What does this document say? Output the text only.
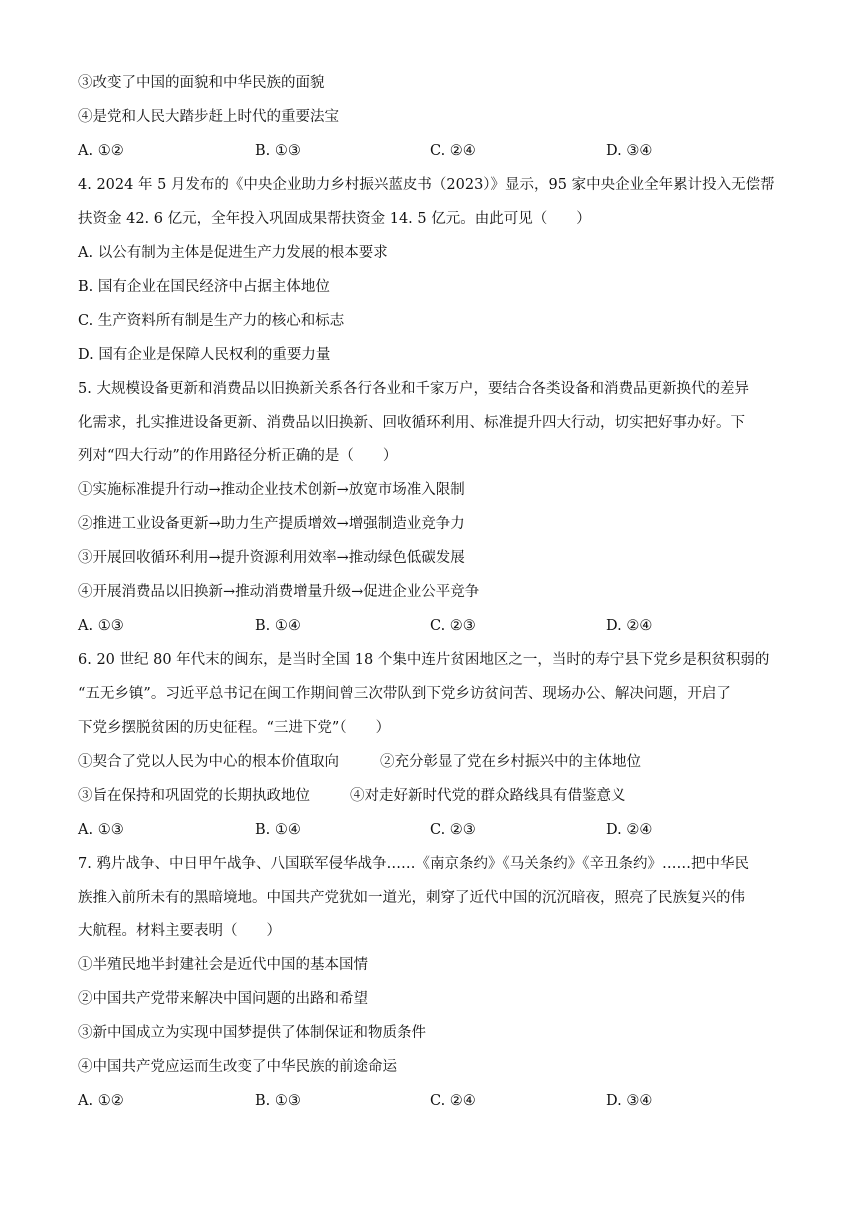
③改变了中国的面貌和中华民族的面貌
④是党和人民大踏步赶上时代的重要法宝
A. ①②	B. ①③	C. ②④	D. ③④
4. 2024 年 5 月发布的《中央企业助力乡村振兴蓝皮书（2023）》显示，95 家中央企业全年累计投入无偿帮
扶资金 42. 6 亿元，全年投入巩固成果帮扶资金 14. 5 亿元。由此可见（　　）
A. 以公有制为主体是促进生产力发展的根本要求
B. 国有企业在国民经济中占据主体地位
C. 生产资料所有制是生产力的核心和标志
D. 国有企业是保障人民权利的重要力量
5. 大规模设备更新和消费品以旧换新关系各行各业和千家万户，要结合各类设备和消费品更新换代的差异
化需求，扎实推进设备更新、消费品以旧换新、回收循环利用、标准提升四大行动，切实把好事办好。下
列对“四大行动”的作用路径分析正确的是（　　）
①实施标准提升行动→推动企业技术创新→放宽市场准入限制
②推进工业设备更新→助力生产提质增效→增强制造业竞争力
③开展回收循环利用→提升资源利用效率→推动绿色低碳发展
④开展消费品以旧换新→推动消费增量升级→促进企业公平竞争
A. ①③	B. ①④	C. ②③	D. ②④
6. 20 世纪 80 年代末的闽东，是当时全国 18 个集中连片贫困地区之一，当时的寿宁县下党乡是积贫积弱的
“五无乡镇”。习近平总书记在闽工作期间曾三次带队到下党乡访贫问苦、现场办公、解决问题，开启了
下党乡摆脱贫困的历史征程。“三进下党”（　　）
①契合了党以人民为中心的根本价值取向	②充分彰显了党在乡村振兴中的主体地位
③旨在保持和巩固党的长期执政地位	④对走好新时代党的群众路线具有借鉴意义
A. ①③	B. ①④	C. ②③	D. ②④
7. 鸦片战争、中日甲午战争、八国联军侵华战争……《南京条约》《马关条约》《辛丑条约》……把中华民
族推入前所未有的黑暗境地。中国共产党犹如一道光，刺穿了近代中国的沉沉暗夜，照亮了民族复兴的伟
大航程。材料主要表明（　　）
①半殖民地半封建社会是近代中国的基本国情
②中国共产党带来解决中国问题的出路和希望
③新中国成立为实现中国梦提供了体制保证和物质条件
④中国共产党应运而生改变了中华民族的前途命运
A. ①②	B. ①③	C. ②④	D. ③④
